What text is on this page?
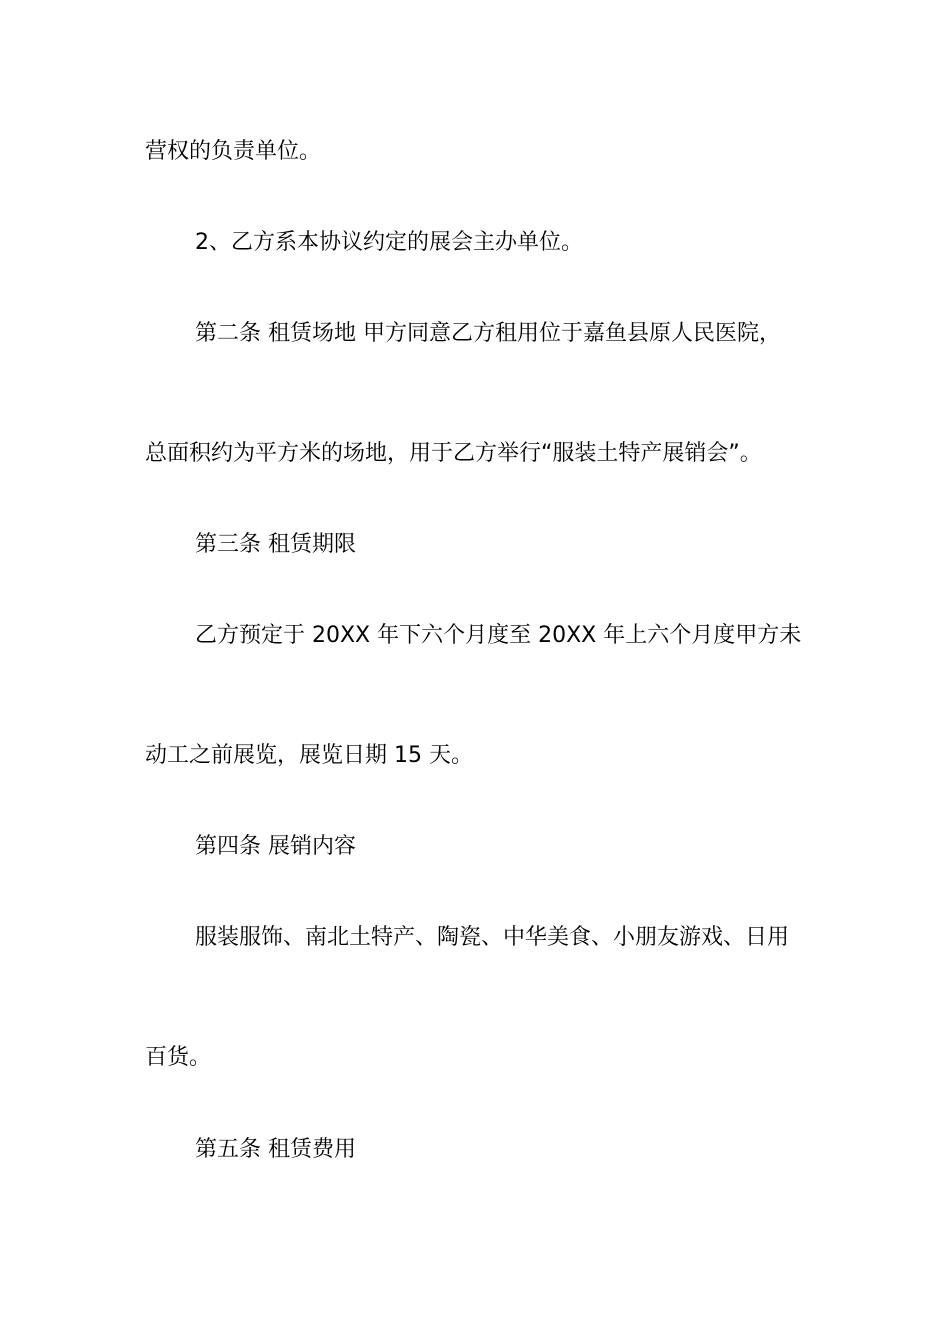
营权的负责单位。

2、乙方系本协议约定的展会主办单位。

第二条 租赁场地 甲方同意乙方租用位于嘉鱼县原人民医院，

总面积约为平方米的场地，用于乙方举行“服装土特产展销会”。

第三条 租赁期限

乙方预定于 20XX 年下六个月度至 20XX 年上六个月度甲方未

动工之前展览，展览日期 15 天。

第四条 展销内容

服装服饰、南北土特产、陶瓷、中华美食、小朋友游戏、日用

百货。

第五条 租赁费用
